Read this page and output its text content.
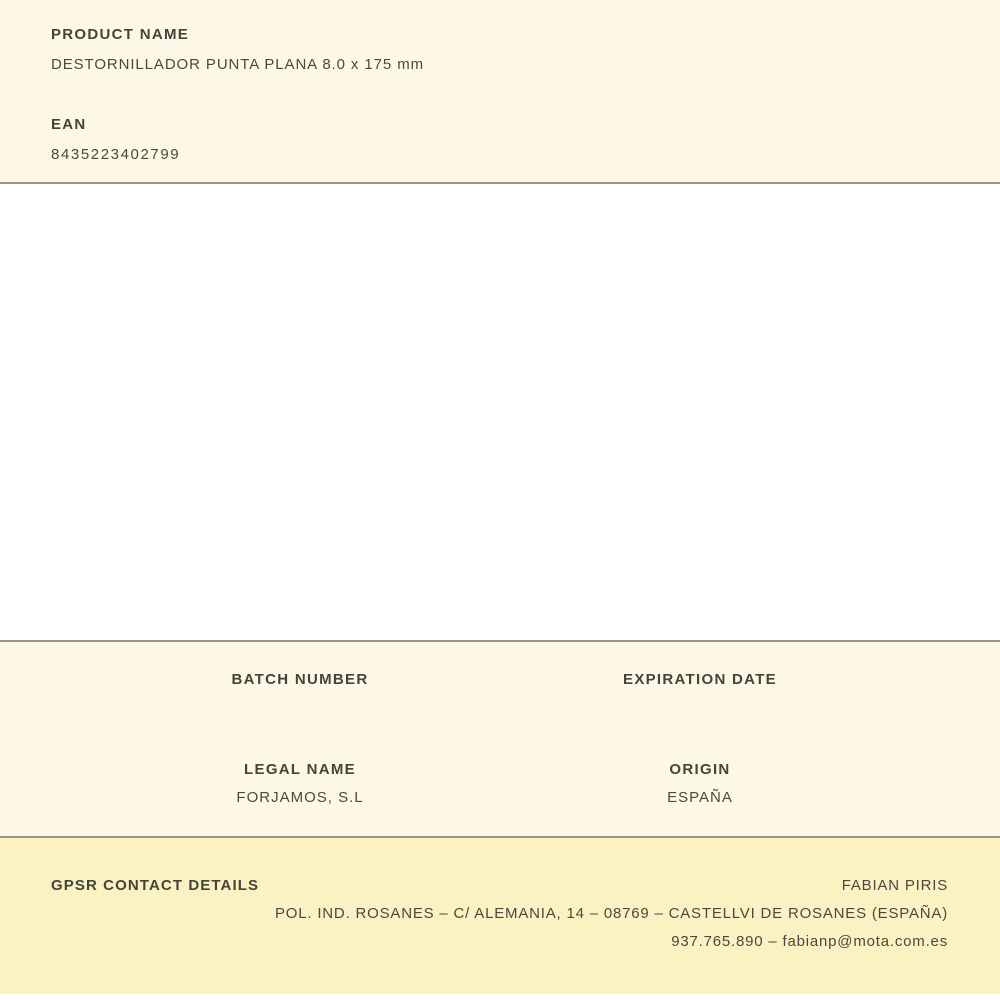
PRODUCT NAME
DESTORNILLADOR PUNTA PLANA 8.0 x 175 mm
EAN
8435223402799
BATCH NUMBER	EXPIRATION DATE
LEGAL NAME
FORJAMOS, S.L
ORIGIN
ESPAÑA
GPSR CONTACT DETAILS	FABIAN PIRIS
POL. IND. ROSANES – C/ ALEMANIA, 14 – 08769 – CASTELLVI DE ROSANES (ESPAÑA)
937.765.890 – fabianp@mota.com.es
